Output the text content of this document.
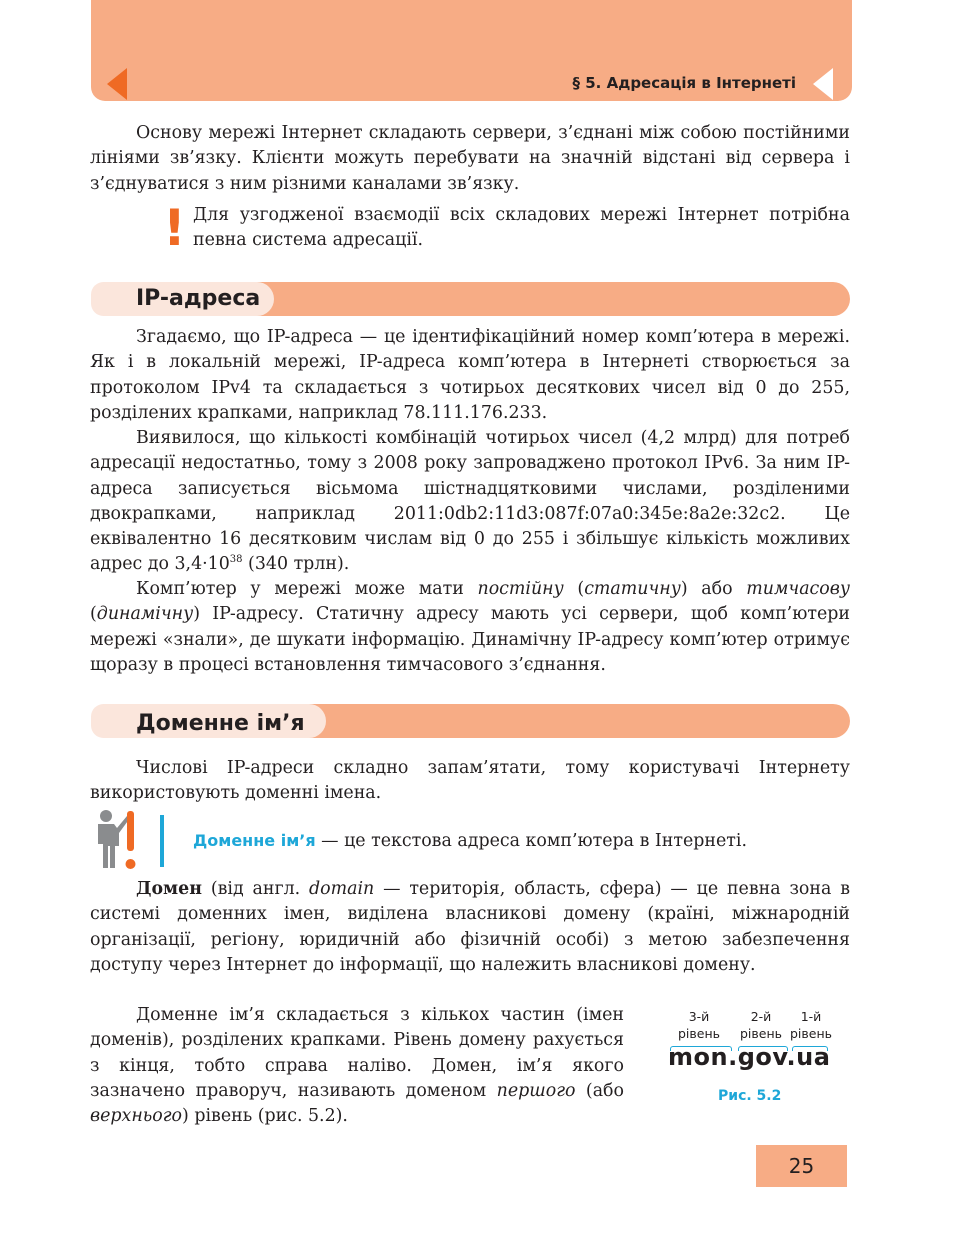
§ 5. Адресація в Інтернеті

Основу мережі Інтернет складають сервери, з’єднані між собою постійними лініями зв’язку. Клієнти можуть перебувати на значній відстані від сервера і з’єднуватися з ним різними каналами зв’язку.

! Для узгодженої взаємодії всіх складових мережі Інтернет потрібна певна система адресації.

IP-адреса

Згадаємо, що IP-адреса — це ідентифікаційний номер комп’ютера в мережі. Як і в локальній мережі, IP-адреса комп’ютера в Інтернеті створюється за протоколом IPv4 та складається з чотирьох десяткових чисел від 0 до 255, розділених крапками, наприклад 78.111.176.233.

Виявилося, що кількості комбінацій чотирьох чисел (4,2 млрд) для потреб адресації недостатньо, тому з 2008 року запроваджено протокол IPv6. За ним IP-адреса записується вісьмома шістнадцятковими числами, розділеними двокрапками, наприклад 2011:0db2:11d3:087f:07a0:345e:8a2e:32c2. Це еквівалентно 16 десятковим числам від 0 до 255 і збільшує кількість можливих адрес до $3,4\cdot 10^{38}$ (340 трлн).

Комп’ютер у мережі може мати постійну (статичну) або тимчасову (динамічну) IP-адресу. Статичну адресу мають усі сервери, щоб комп’ютери мережі «знали», де шукати інформацію. Динамічну IP-адресу комп’ютер отримує щоразу в процесі встановлення тимчасового з’єднання.

Доменне ім’я

Числові IP-адреси складно запам’ятати, тому користувачі Інтернету використовують доменні імена.

Доменне ім’я — це текстова адреса комп’ютера в Інтернеті.

Домен (від англ. domain — територія, область, сфера) — це певна зона в системі доменних імен, виділена власникові домену (країні, міжнародній організації, регіону, юридичній або фізичній особі) з метою забезпечення доступу через Інтернет до інформації, що належить власникові домену.

Доменне ім’я складається з кількох частин (імен доменів), розділених крапками. Рівень домену рахується з кінця, тобто справа наліво. Домен, ім’я якого зазначено праворуч, називають доменом першого (або верхнього) рівень (рис. 5.2).

3-й
рівень
2-й
рівень
1-й
рівень
mon.gov.ua
Рис. 5.2
25
